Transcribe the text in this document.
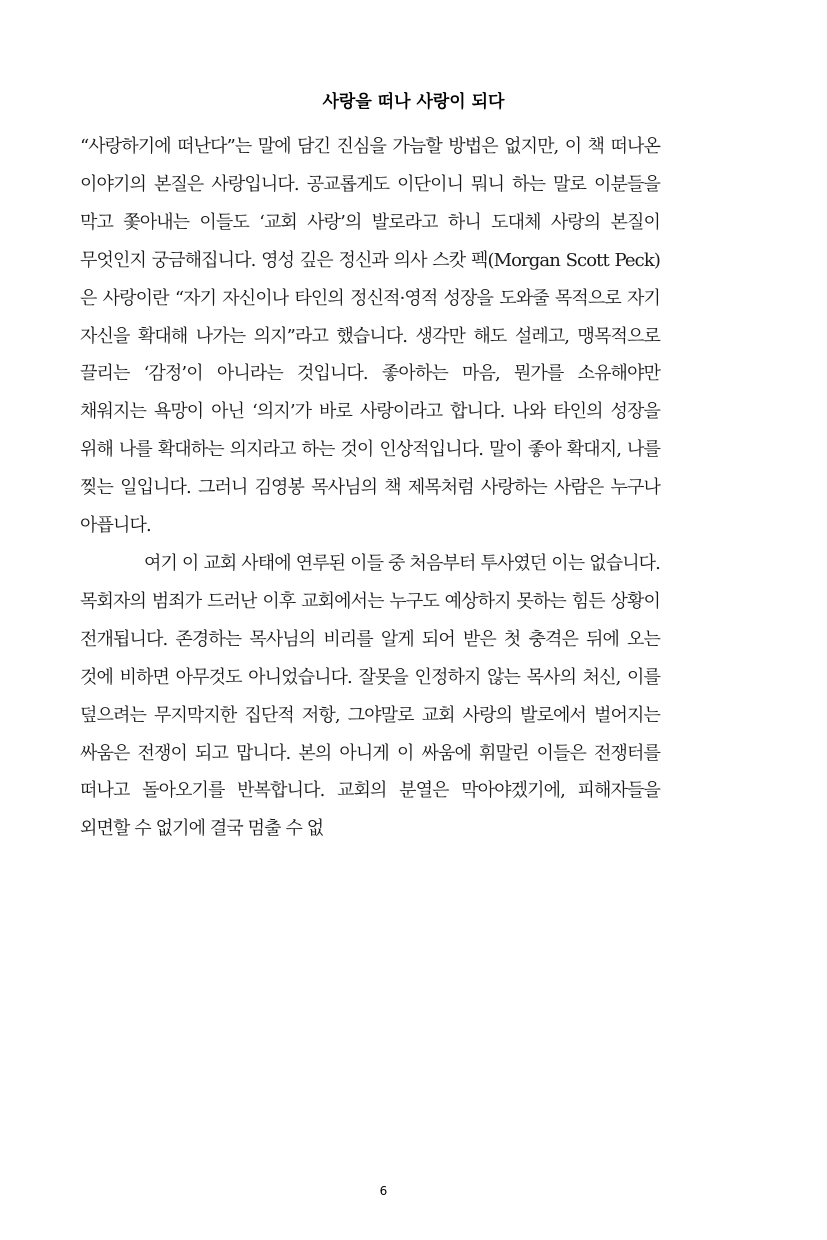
사랑을 떠나 사랑이 되다

“사랑하기에 떠난다”는 말에 담긴 진심을 가늠할 방법은 없지만, 이 책 떠나온 이야기의 본질은 사랑입니다. 공교롭게도 이단이니 뭐니 하는 말로 이분들을 막고 쫓아내는 이들도 ‘교회 사랑’의 발로라고 하니 도대체 사랑의 본질이 무엇인지 궁금해집니다. 영성 깊은 정신과 의사 스캇 펙(Morgan Scott Peck)은 사랑이란 “자기 자신이나 타인의 정신적·영적 성장을 도와줄 목적으로 자기 자신을 확대해 나가는 의지”라고 했습니다. 생각만 해도 설레고, 맹목적으로 끌리는 ‘감정’이 아니라는 것입니다. 좋아하는 마음, 뭔가를 소유해야만 채워지는 욕망이 아닌 ‘의지’가 바로 사랑이라고 합니다. 나와 타인의 성장을 위해 나를 확대하는 의지라고 하는 것이 인상적입니다. 말이 좋아 확대지, 나를 찢는 일입니다. 그러니 김영봉 목사님의 책 제목처럼 사랑하는 사람은 누구나 아픕니다.

여기 이 교회 사태에 연루된 이들 중 처음부터 투사였던 이는 없습니다. 목회자의 범죄가 드러난 이후 교회에서는 누구도 예상하지 못하는 힘든 상황이 전개됩니다. 존경하는 목사님의 비리를 알게 되어 받은 첫 충격은 뒤에 오는 것에 비하면 아무것도 아니었습니다. 잘못을 인정하지 않는 목사의 처신, 이를 덮으려는 무지막지한 집단적 저항, 그야말로 교회 사랑의 발로에서 벌어지는 싸움은 전쟁이 되고 맙니다. 본의 아니게 이 싸움에 휘말린 이들은 전쟁터를 떠나고 돌아오기를 반복합니다. 교회의 분열은 막아야겠기에, 피해자들을 외면할 수 없기에 결국 멈출 수 없

6
